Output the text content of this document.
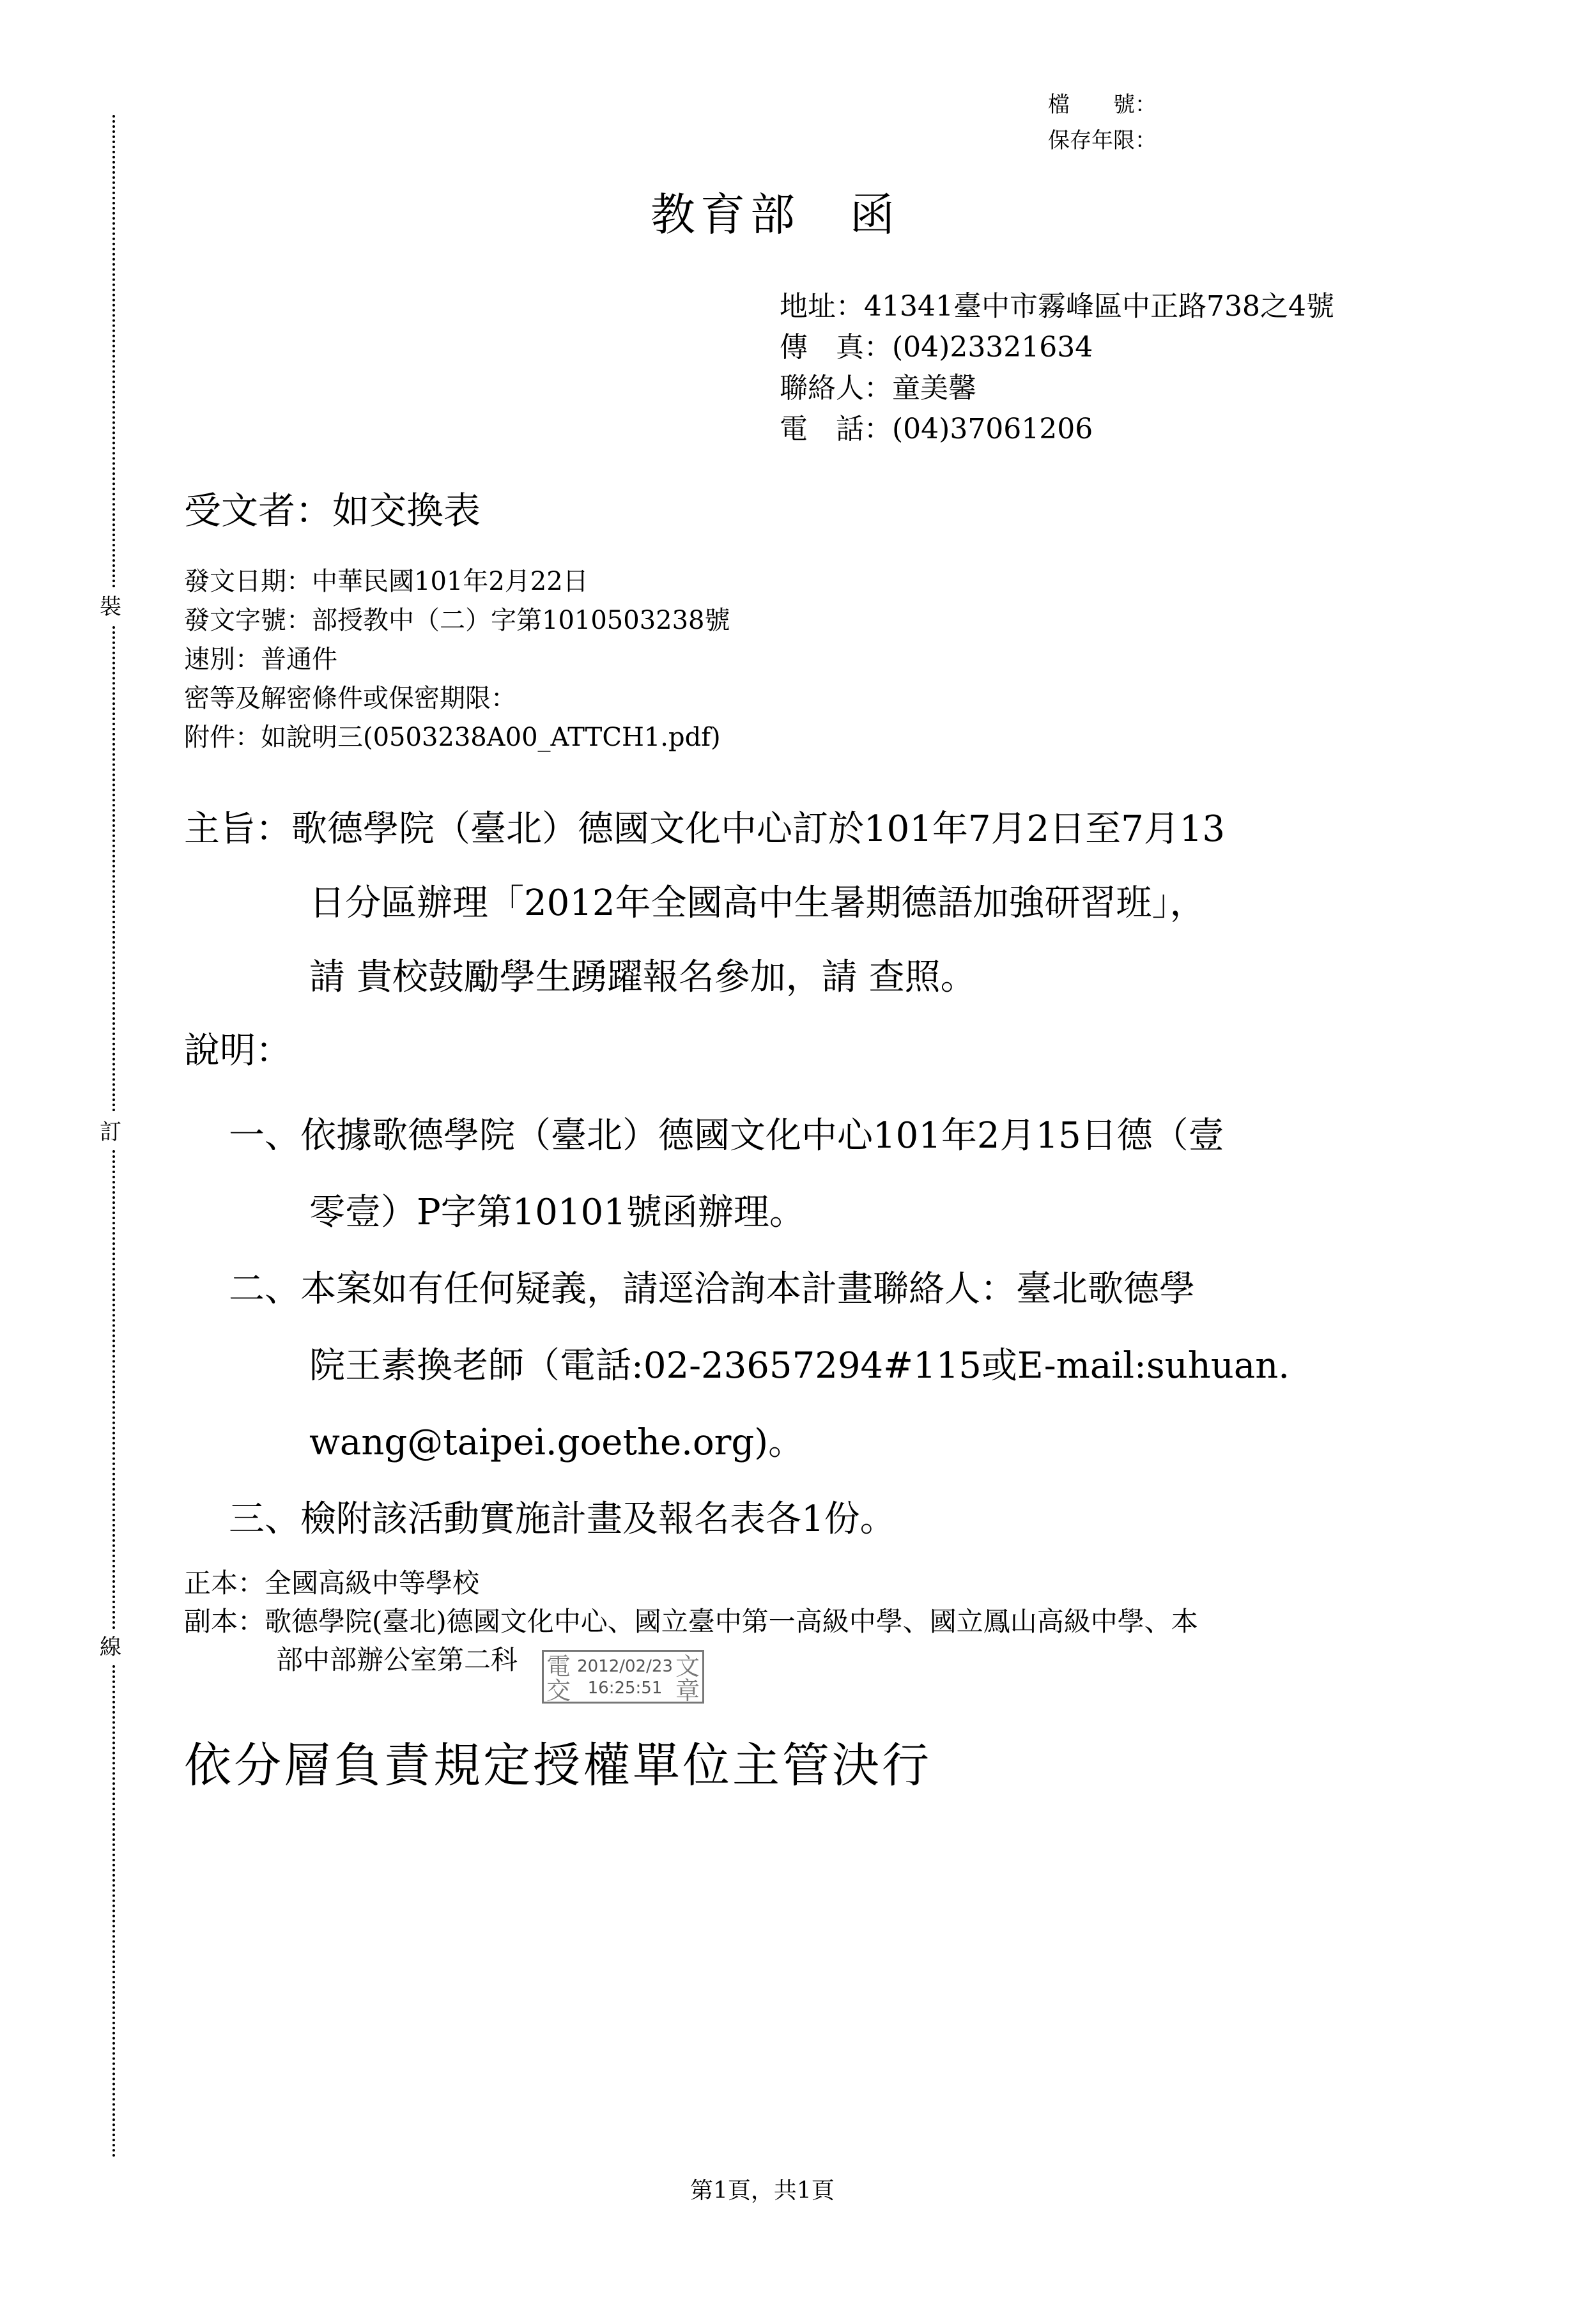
裝
訂
線
檔　　號：
保存年限：
教育部　函
地址：41341臺中市霧峰區中正路738之4號
傳　真：(04)23321634
聯絡人：童美馨
電　話：(04)37061206
受文者：如交換表
發文日期：中華民國101年2月22日
發文字號：部授教中（二）字第1010503238號
速別：普通件
密等及解密條件或保密期限：
附件：如說明三(0503238A00_ATTCH1.pdf)
主旨：歌德學院（臺北）德國文化中心訂於101年7月2日至7月13
日分區辦理「2012年全國高中生暑期德語加強研習班」，
請 貴校鼓勵學生踴躍報名參加，請 查照。
說明：
一、依據歌德學院（臺北）德國文化中心101年2月15日德（壹
零壹）P字第10101號函辦理。
二、本案如有任何疑義，請逕洽詢本計畫聯絡人：臺北歌德學
院王素換老師（電話:02-23657294#115或E-mail:suhuan.
wang@taipei.goethe.org)。
三、檢附該活動實施計畫及報名表各1份。
正本：全國高級中等學校
副本：歌德學院(臺北)德國文化中心、國立臺中第一高級中學、國立鳳山高級中學、本
部中部辦公室第二科	電
交
文
章
2012/02/23
16:25:51
依分層負責規定授權單位主管決行
第1頁，共1頁
